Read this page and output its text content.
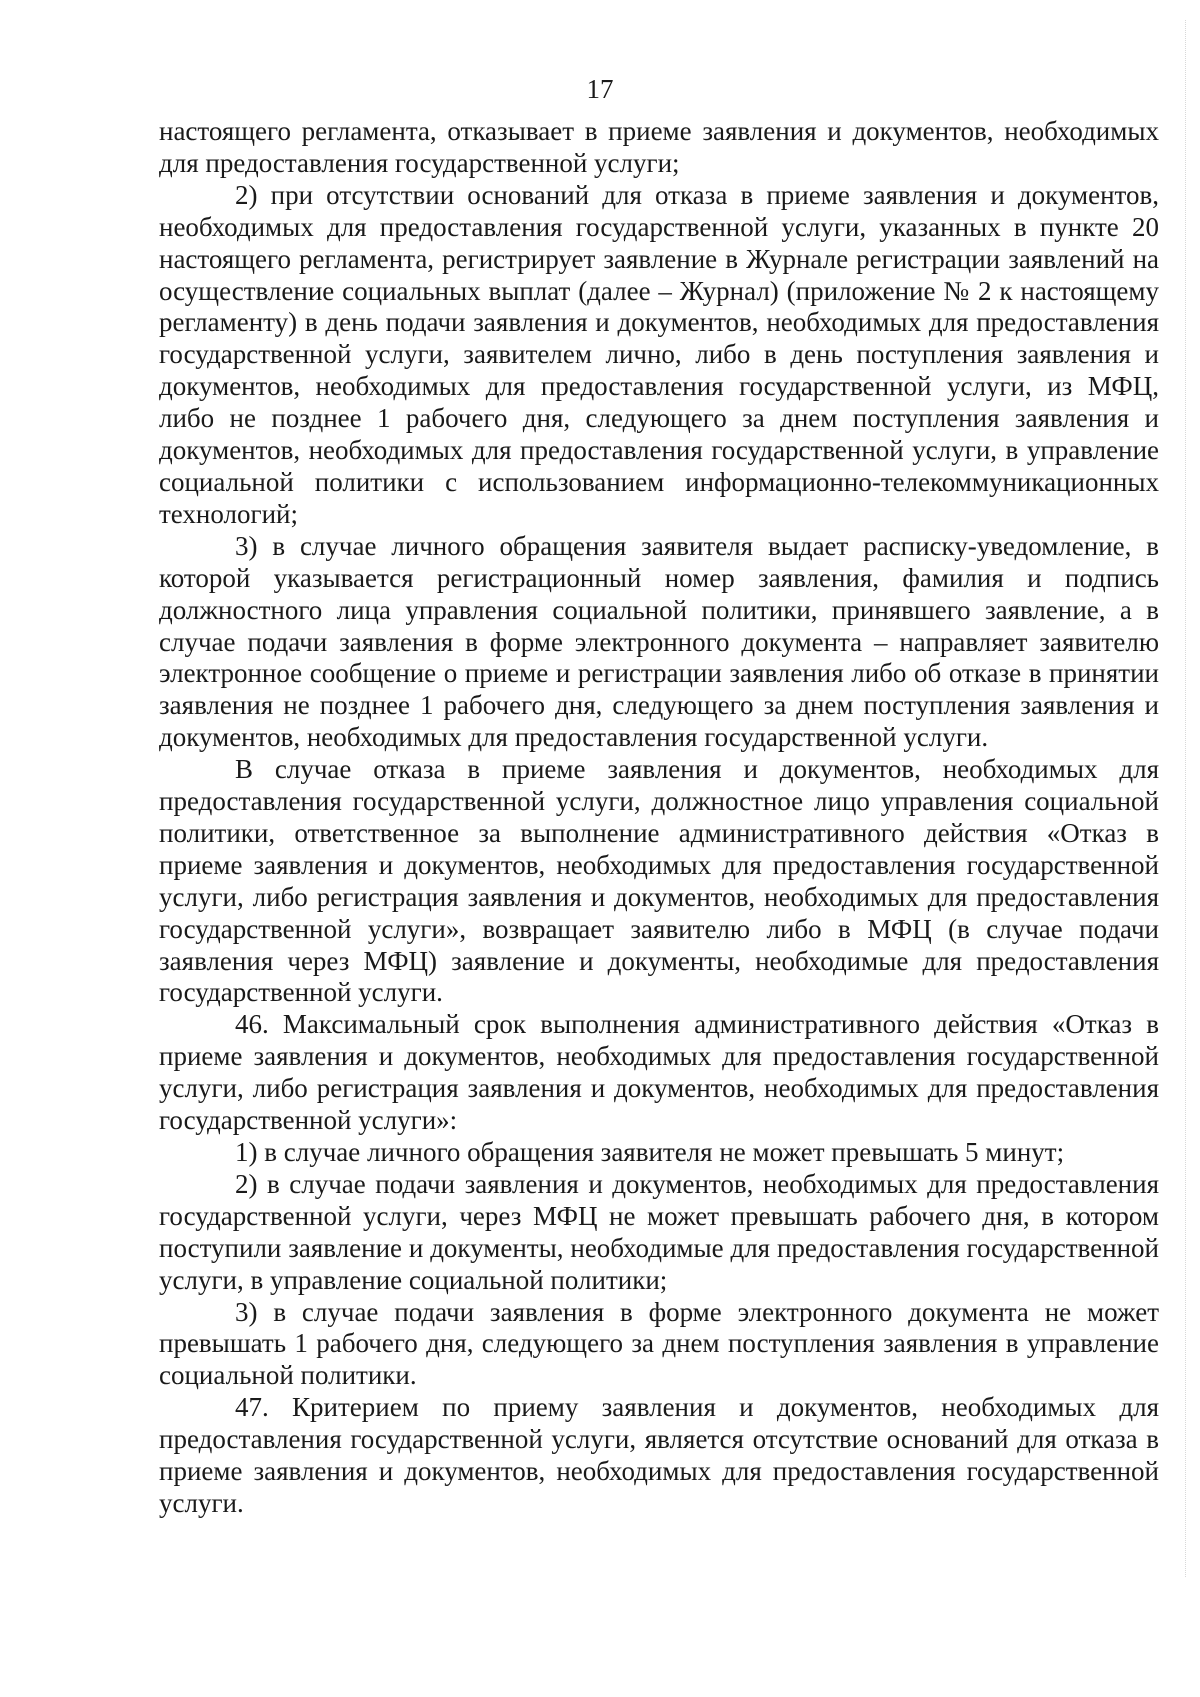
17

настоящего регламента, отказывает в приеме заявления и документов, необходимых для предоставления государственной услуги;

2) при отсутствии оснований для отказа в приеме заявления и документов, необходимых для предоставления государственной услуги, указанных в пункте 20 настоящего регламента, регистрирует заявление в Журнале регистрации заявлений на осуществление социальных выплат (далее – Журнал) (приложение № 2 к настоящему регламенту) в день подачи заявления и документов, необходимых для предоставления государственной услуги, заявителем лично, либо в день поступления заявления и документов, необходимых для предоставления государственной услуги, из МФЦ, либо не позднее 1 рабочего дня, следующего за днем поступления заявления и документов, необходимых для предоставления государственной услуги, в управление социальной политики с использованием информационно-телекоммуникационных технологий;

3) в случае личного обращения заявителя выдает расписку-уведомление, в которой указывается регистрационный номер заявления, фамилия и подпись должностного лица управления социальной политики, принявшего заявление, а в случае подачи заявления в форме электронного документа – направляет заявителю электронное сообщение о приеме и регистрации заявления либо об отказе в принятии заявления не позднее 1 рабочего дня, следующего за днем поступления заявления и документов, необходимых для предоставления государственной услуги.

В случае отказа в приеме заявления и документов, необходимых для предоставления государственной услуги, должностное лицо управления социальной политики, ответственное за выполнение административного действия «Отказ в приеме заявления и документов, необходимых для предоставления государственной услуги, либо регистрация заявления и документов, необходимых для предоставления государственной услуги», возвращает заявителю либо в МФЦ (в случае подачи заявления через МФЦ) заявление и документы, необходимые для предоставления государственной услуги.

46. Максимальный срок выполнения административного действия «Отказ в приеме заявления и документов, необходимых для предоставления государственной услуги, либо регистрация заявления и документов, необходимых для предоставления государственной услуги»:

1) в случае личного обращения заявителя не может превышать 5 минут;

2) в случае подачи заявления и документов, необходимых для предоставления государственной услуги, через МФЦ не может превышать рабочего дня, в котором поступили заявление и документы, необходимые для предоставления государственной услуги, в управление социальной политики;

3) в случае подачи заявления в форме электронного документа не может превышать 1 рабочего дня, следующего за днем поступления заявления в управление социальной политики.

47. Критерием по приему заявления и документов, необходимых для предоставления государственной услуги, является отсутствие оснований для отказа в приеме заявления и документов, необходимых для предоставления государственной услуги.
